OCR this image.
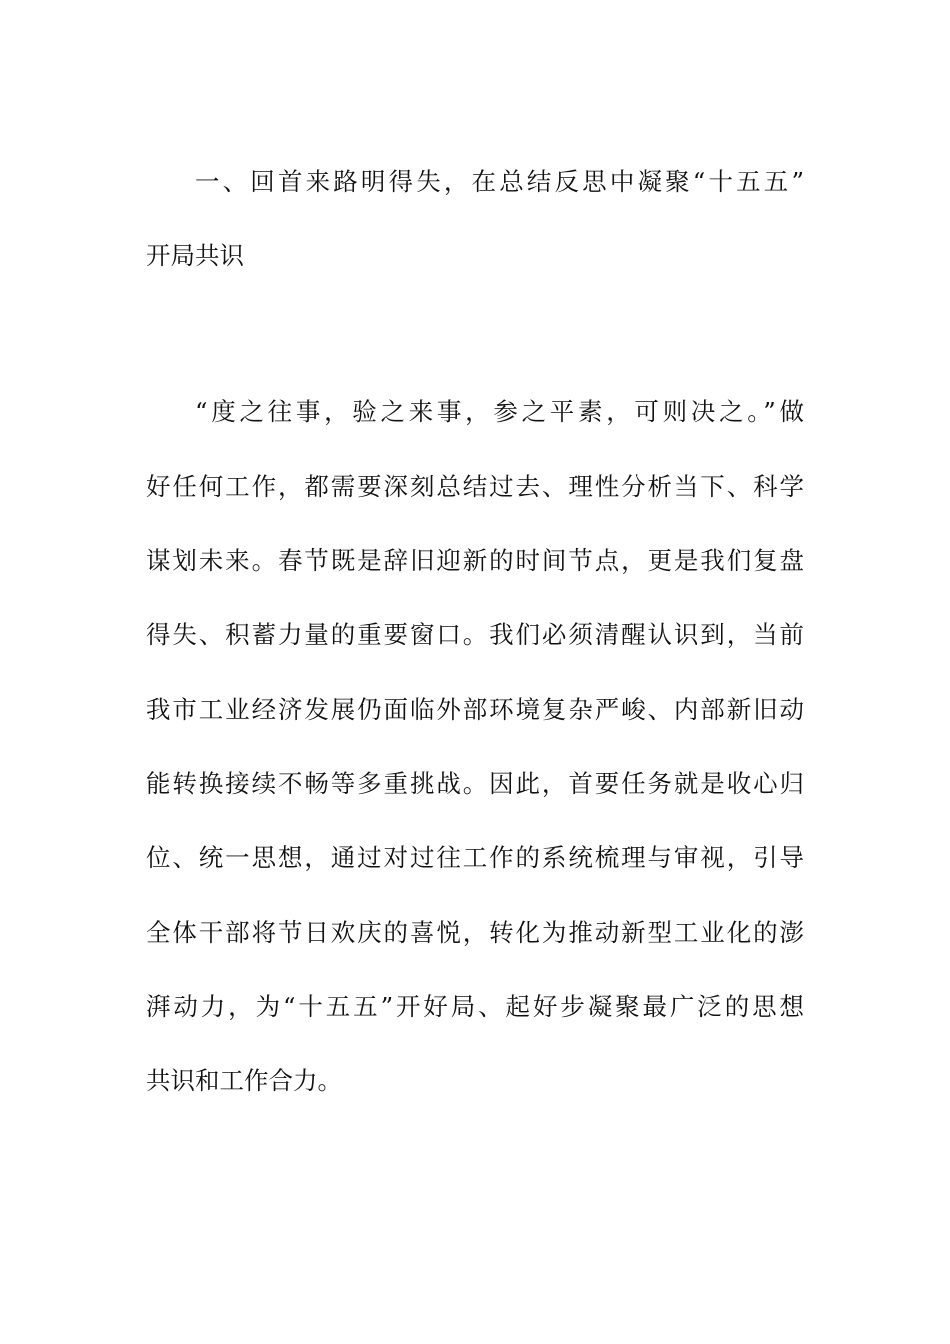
一、回首来路明得失，在总结反思中凝聚“十五五”

开局共识

“度之往事，验之来事，参之平素，可则决之。”做

好任何工作，都需要深刻总结过去、理性分析当下、科学

谋划未来。春节既是辞旧迎新的时间节点，更是我们复盘

得失、积蓄力量的重要窗口。我们必须清醒认识到，当前

我市工业经济发展仍面临外部环境复杂严峻、内部新旧动

能转换接续不畅等多重挑战。因此，首要任务就是收心归

位、统一思想，通过对过往工作的系统梳理与审视，引导

全体干部将节日欢庆的喜悦，转化为推动新型工业化的澎

湃动力，为“十五五”开好局、起好步凝聚最广泛的思想

共识和工作合力。
